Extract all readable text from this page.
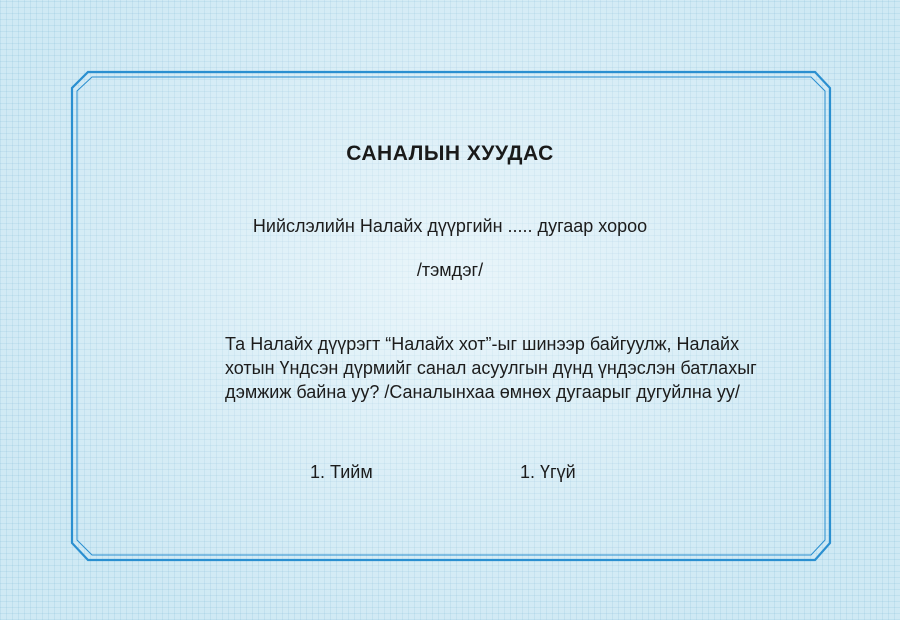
САНАЛЫН ХУУДАС
Нийслэлийн Налайх дүүргийн ..... дугаар хороо
/тэмдэг/
Та Налайх дүүрэгт “Налайх хот”-ыг шинээр байгуулж, Налайх хотын Үндсэн дүрмийг санал асуулгын дүнд үндэслэн батлахыг дэмжиж байна уу? /Саналынхаа өмнөх дугаарыг дугуйлна уу/
1. Тийм	1. Үгүй
